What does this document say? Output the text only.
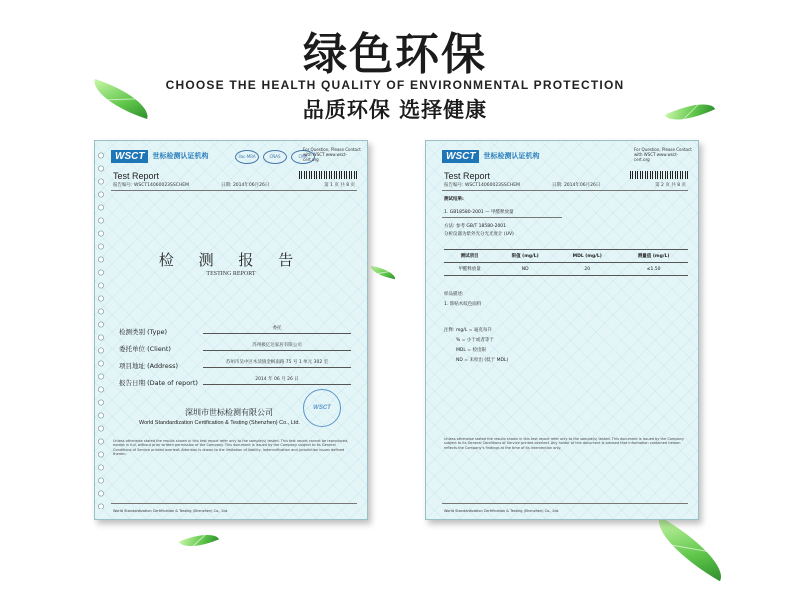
绿色环保
CHOOSE THE HEALTH QUALITY OF ENVIRONMENTAL PROTECTION
品质环保 选择健康
WSCT	世标检测认证机构	ilac-MRA	CNAS	CMA
For Question, Please Contact with WSCT www.wsct-cert.org
Test Report
报告编号: WSCT14060023SSCHEM	日期: 2014年06月26日	第 1 页 共 8 页
检 测 报 告
TESTING REPORT
检测类别 (Type)	委托
委托单位 (Client)	苏州极亿达家居有限公司
项目地址 (Address)	苏州市吴中区木渎镇金枫南路 75 号 1 单元 302 室
报告日期 (Date of report)	2014 年 06 月 26 日
WSCT
深圳市世标检测有限公司
World Standardization Certification & Testing (Shenzhen) Co., Ltd.
Unless otherwise stated the results shown in this test report refer only to the sample(s) tested. This test report cannot be reproduced, except in full, without prior written permission of the Company. This document is issued by the Company subject to its General Conditions of Service printed overleaf. Attention is drawn to the limitation of liability, indemnification and jurisdiction issues defined therein.
World Standardization Certification & Testing (Shenzhen) Co., Ltd.
WSCT	世标检测认证机构
For Question, Please Contact with WSCT www.wsct-cert.org
Test Report
报告编号: WSCT14060023SSCHEM	日期: 2014年06月26日	第 2 页 共 8 页
测试结果:
1. GB18580-2001 — 甲醛释放量
方法: 参考 GB/T 18580-2001
分析仪器为紫外光分光光度计 (UV)
测试项目	限值 (mg/L)	MDL (mg/L)	测量值 (mg/L)
甲醛释放量	ND	20	≤1.50
样品描述:
1. 饰贴木纹色面料
注释: mg/L = 毫克每升
% = 小于或者等于
MDL = 检出限
ND = 未检出 (低于 MDL)
Unless otherwise stated the results shown in this test report refer only to the sample(s) tested. This document is issued by the Company subject to its General Conditions of Service printed overleaf. Any holder of this document is advised that information contained hereon reflects the Company's findings at the time of its intervention only.
World Standardization Certification & Testing (Shenzhen) Co., Ltd.
